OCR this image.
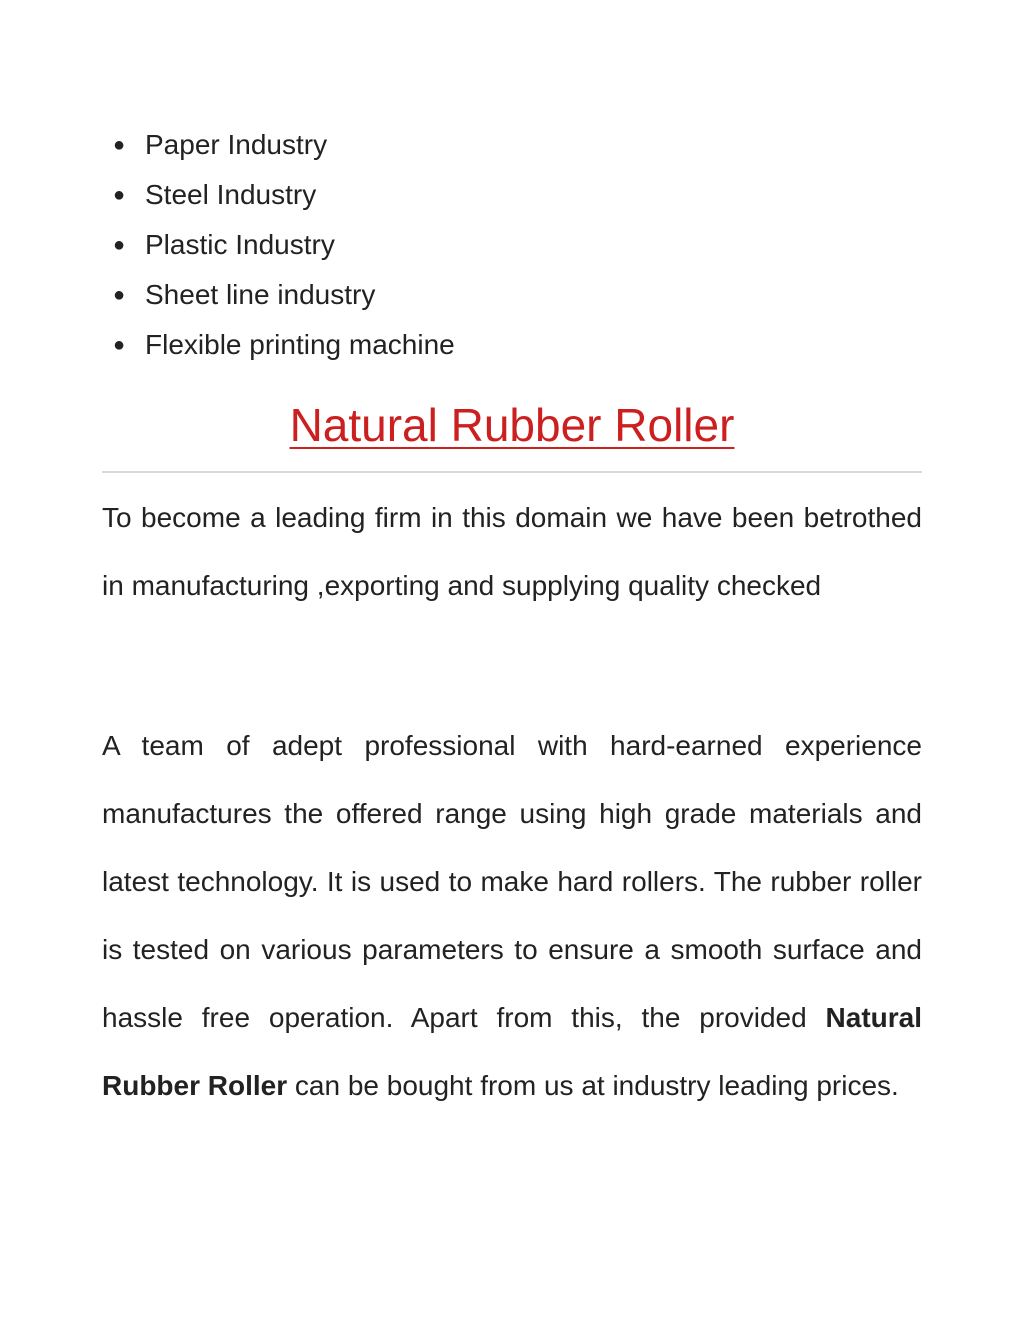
● Paper Industry
● Steel Industry
● Plastic Industry
● Sheet line industry
● Flexible printing machine
Natural Rubber Roller

To become a leading firm in this domain we have been betrothed in manufacturing ,exporting and supplying quality checked

A team of adept professional with hard-earned experience manufactures the offered range using high grade materials and latest technology. It is used to make hard rollers. The rubber roller is tested on various parameters to ensure a smooth surface and hassle free operation. Apart from this, the provided Natural Rubber Roller can be bought from us at industry leading prices.
